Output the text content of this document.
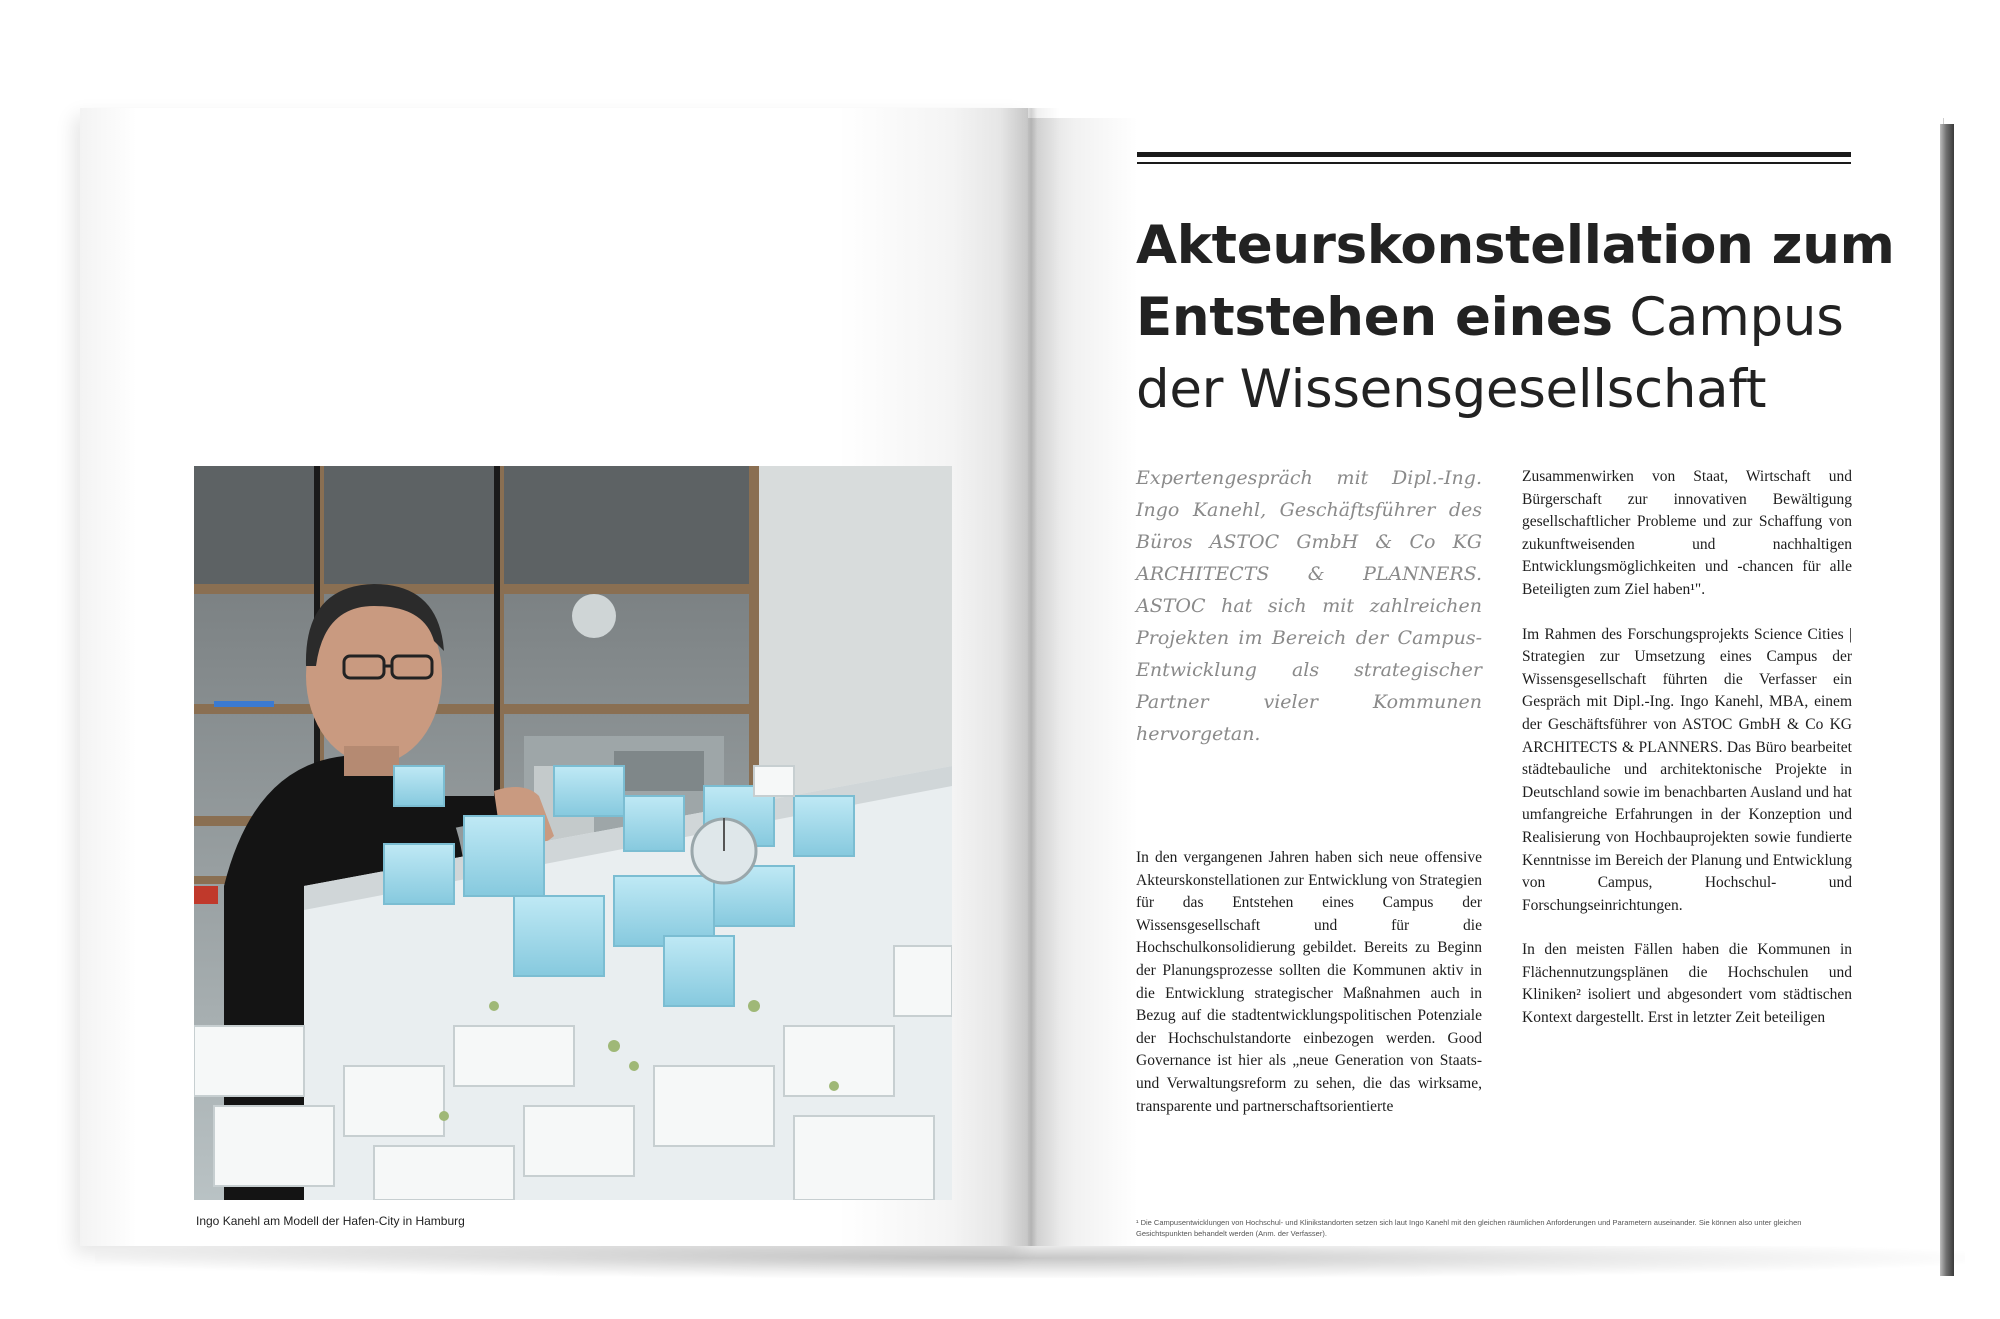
Ingo Kanehl am Modell der Hafen-City in Hamburg
Akteurskonstellation zum
Entstehen eines Campus
der Wissensgesellschaft

Expertengespräch mit Dipl.-Ing. Ingo Kanehl, Geschäftsführer des Büros ASTOC GmbH & Co KG ARCHITECTS & PLANNERS. ASTOC hat sich mit zahlreichen Projekten im Bereich der Campus-Entwicklung als strategischer Partner vieler Kommunen hervorgetan.

In den vergangenen Jahren haben sich neue offensive Akteurskonstellationen zur Entwicklung von Strategien für das Entstehen eines Campus der Wissensgesellschaft und für die Hochschulkonsolidierung gebildet. Bereits zu Beginn der Planungsprozesse sollten die Kommunen aktiv in die Entwicklung strategischer Maßnahmen auch in Bezug auf die stadtentwicklungspolitischen Potenziale der Hochschulstandorte einbezogen werden. Good Governance ist hier als „neue Generation von Staats- und Verwaltungsreform zu sehen, die das wirksame, transparente und partnerschaftsorientierte

Zusammenwirken von Staat, Wirtschaft und Bürgerschaft zur innovativen Bewältigung gesellschaftlicher Probleme und zur Schaffung von zukunftweisenden und nachhaltigen Entwicklungsmöglichkeiten und -chancen für alle Beteiligten zum Ziel haben¹".

Im Rahmen des Forschungsprojekts Science Cities | Strategien zur Umsetzung eines Campus der Wissensgesellschaft führten die Verfasser ein Gespräch mit Dipl.-Ing. Ingo Kanehl, MBA, einem der Geschäftsführer von ASTOC GmbH & Co KG ARCHITECTS & PLANNERS. Das Büro bearbeitet städtebauliche und architektonische Projekte in Deutschland sowie im benachbarten Ausland und hat umfangreiche Erfahrungen in der Konzeption und Realisierung von Hochbauprojekten sowie fundierte Kenntnisse im Bereich der Planung und Entwicklung von Campus, Hochschul- und Forschungseinrichtungen.

In den meisten Fällen haben die Kommunen in Flächennutzungsplänen die Hochschulen und Kliniken² isoliert und abgesondert vom städtischen Kontext dargestellt. Erst in letzter Zeit beteiligen

¹ Die Campusentwicklungen von Hochschul- und Klinikstandorten setzen sich laut Ingo Kanehl mit den gleichen räumlichen Anforderungen und Parametern auseinander. Sie können also unter gleichen Gesichtspunkten behandelt werden (Anm. der Verfasser).
